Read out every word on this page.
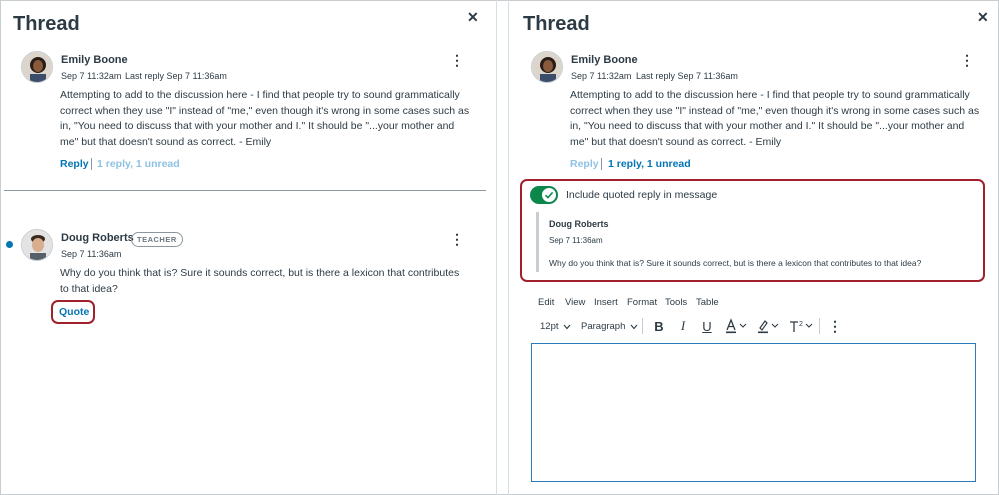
Thread	✕
Emily Boone
Sep 7 11:32am Last reply Sep 7 11:36am
⋮
Attempting to add to the discussion here - I find that people try to sound grammatically correct when they use "I" instead of "me," even though it's wrong in some cases such as in, "You need to discuss that with your mother and I." It should be "...your mother and me" but that doesn't sound as correct. - Emily
Reply 1 reply, 1 unread
Doug Roberts TEACHER
Sep 7 11:36am
⋮
Why do you think that is? Sure it sounds correct, but is there a lexicon that contributes to that idea?
Quote
Thread	✕
Emily Boone
Sep 7 11:32am Last reply Sep 7 11:36am
⋮
Attempting to add to the discussion here - I find that people try to sound grammatically correct when they use "I" instead of "me," even though it's wrong in some cases such as in, "You need to discuss that with your mother and I." It should be "...your mother and me" but that doesn't sound as correct. - Emily
Reply 1 reply, 1 unread
Include quoted reply in message
Doug Roberts
Sep 7 11:36am
Why do you think that is? Sure it sounds correct, but is there a lexicon that contributes to that idea?
Edit View Insert Format Tools Table
12pt Paragraph B	I	U	2 ⋮
